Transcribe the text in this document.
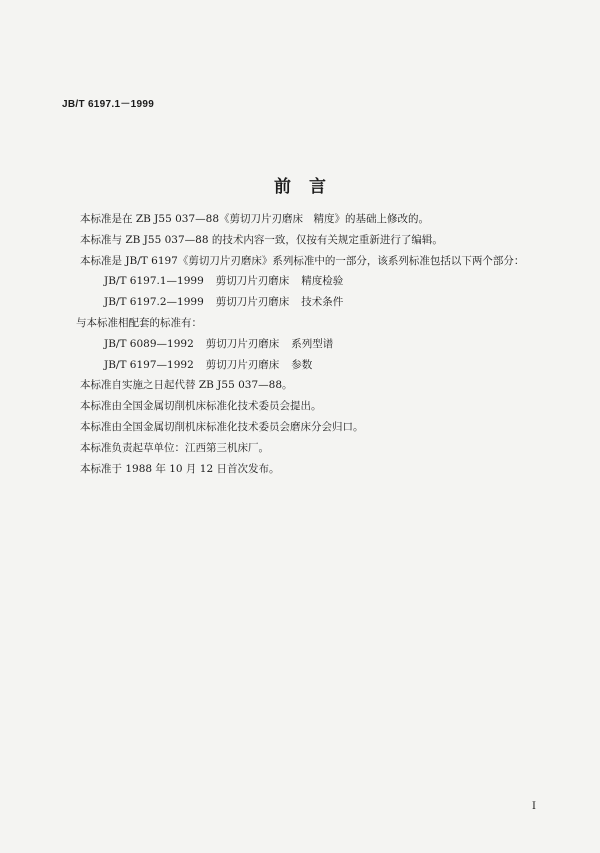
JB/T 6197.1－1999
前言
本标准是在 ZB J55 037—88《剪切刀片刃磨床　精度》的基础上修改的。
本标准与 ZB J55 037—88 的技术内容一致，仅按有关规定重新进行了编辑。
本标准是 JB/T 6197《剪切刀片刃磨床》系列标准中的一部分，该系列标准包括以下两个部分：
JB/T 6197.1—1999 剪切刀片刃磨床 精度检验
JB/T 6197.2—1999 剪切刀片刃磨床 技术条件
与本标准相配套的标准有：
JB/T 6089—1992 剪切刀片刃磨床 系列型谱
JB/T 6197—1992 剪切刀片刃磨床 参数
本标准自实施之日起代替 ZB J55 037—88。
本标准由全国金属切削机床标准化技术委员会提出。
本标准由全国金属切削机床标准化技术委员会磨床分会归口。
本标准负责起草单位：江西第三机床厂。
本标准于 1988 年 10 月 12 日首次发布。
I
